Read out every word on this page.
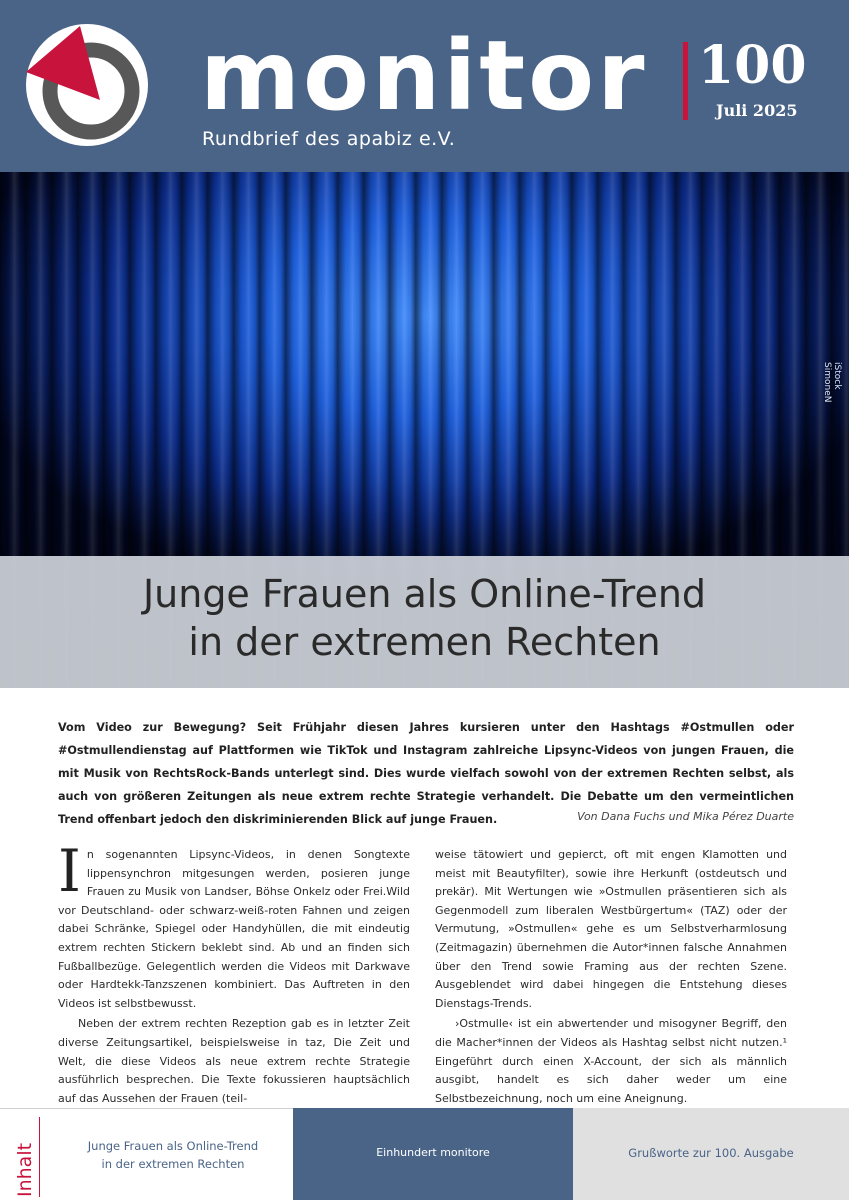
monitor
Rundbrief des apabiz e.V.
100
Juli 2025
iStock SimoneN
Junge Frauen als Online-Trend
in der extremen Rechten
Vom Video zur Bewegung? Seit Frühjahr diesen Jahres kursieren unter den Hashtags #Ostmullen oder #Ostmullendienstag auf Plattformen wie TikTok und Instagram zahlreiche Lipsync-Videos von jungen Frauen, die mit Musik von RechtsRock-Bands unterlegt sind. Dies wurde vielfach sowohl von der extremen Rechten selbst, als auch von größeren Zeitungen als neue extrem rechte Strategie verhandelt. Die Debatte um den vermeintlichen Trend offenbart jedoch den diskriminierenden Blick auf junge Frauen.	Von Dana Fuchs und Mika Pérez Duarte

In sogenannten Lipsync-Videos, in denen Songtexte lippensynchron mitgesungen werden, posieren junge Frauen zu Musik von Landser, Böhse Onkelz oder Frei.Wild vor Deutschland- oder schwarz-weiß-roten Fahnen und zeigen dabei Schränke, Spiegel oder Handyhüllen, die mit eindeutig extrem rechten Stickern beklebt sind. Ab und an finden sich Fußballbezüge. Gelegentlich werden die Videos mit Darkwave oder Hardtekk-Tanzszenen kombiniert. Das Auftreten in den Videos ist selbstbewusst.

Neben der extrem rechten Rezeption gab es in letzter Zeit diverse Zeitungsartikel, beispielsweise in taz, Die Zeit und Welt, die diese Videos als neue extrem rechte Strategie ausführlich besprechen. Die Texte fokussieren hauptsächlich auf das Aussehen der Frauen (teil-

weise tätowiert und gepierct, oft mit engen Klamotten und meist mit Beautyfilter), sowie ihre Herkunft (ostdeutsch und prekär). Mit Wertungen wie »Ostmullen präsentieren sich als Gegenmodell zum liberalen Westbürgertum« (TAZ) oder der Vermutung, »Ostmullen« gehe es um Selbstverharmlosung (Zeitmagazin) übernehmen die Autor*innen falsche Annahmen über den Trend sowie Framing aus der rechten Szene. Ausgeblendet wird dabei hingegen die Entstehung dieses Dienstags-Trends.

›Ostmulle‹ ist ein abwertender und misogyner Begriff, den die Macher*innen der Videos als Hashtag selbst nicht nutzen.¹ Eingeführt durch einen X-Account, der sich als männlich ausgibt, handelt es sich daher weder um eine Selbstbezeichnung, noch um eine Aneignung.

Inhalt	Junge Frauen als Online-Trend
in der extremen Rechten
Einhundert monitore	Grußworte zur 100. Ausgabe
